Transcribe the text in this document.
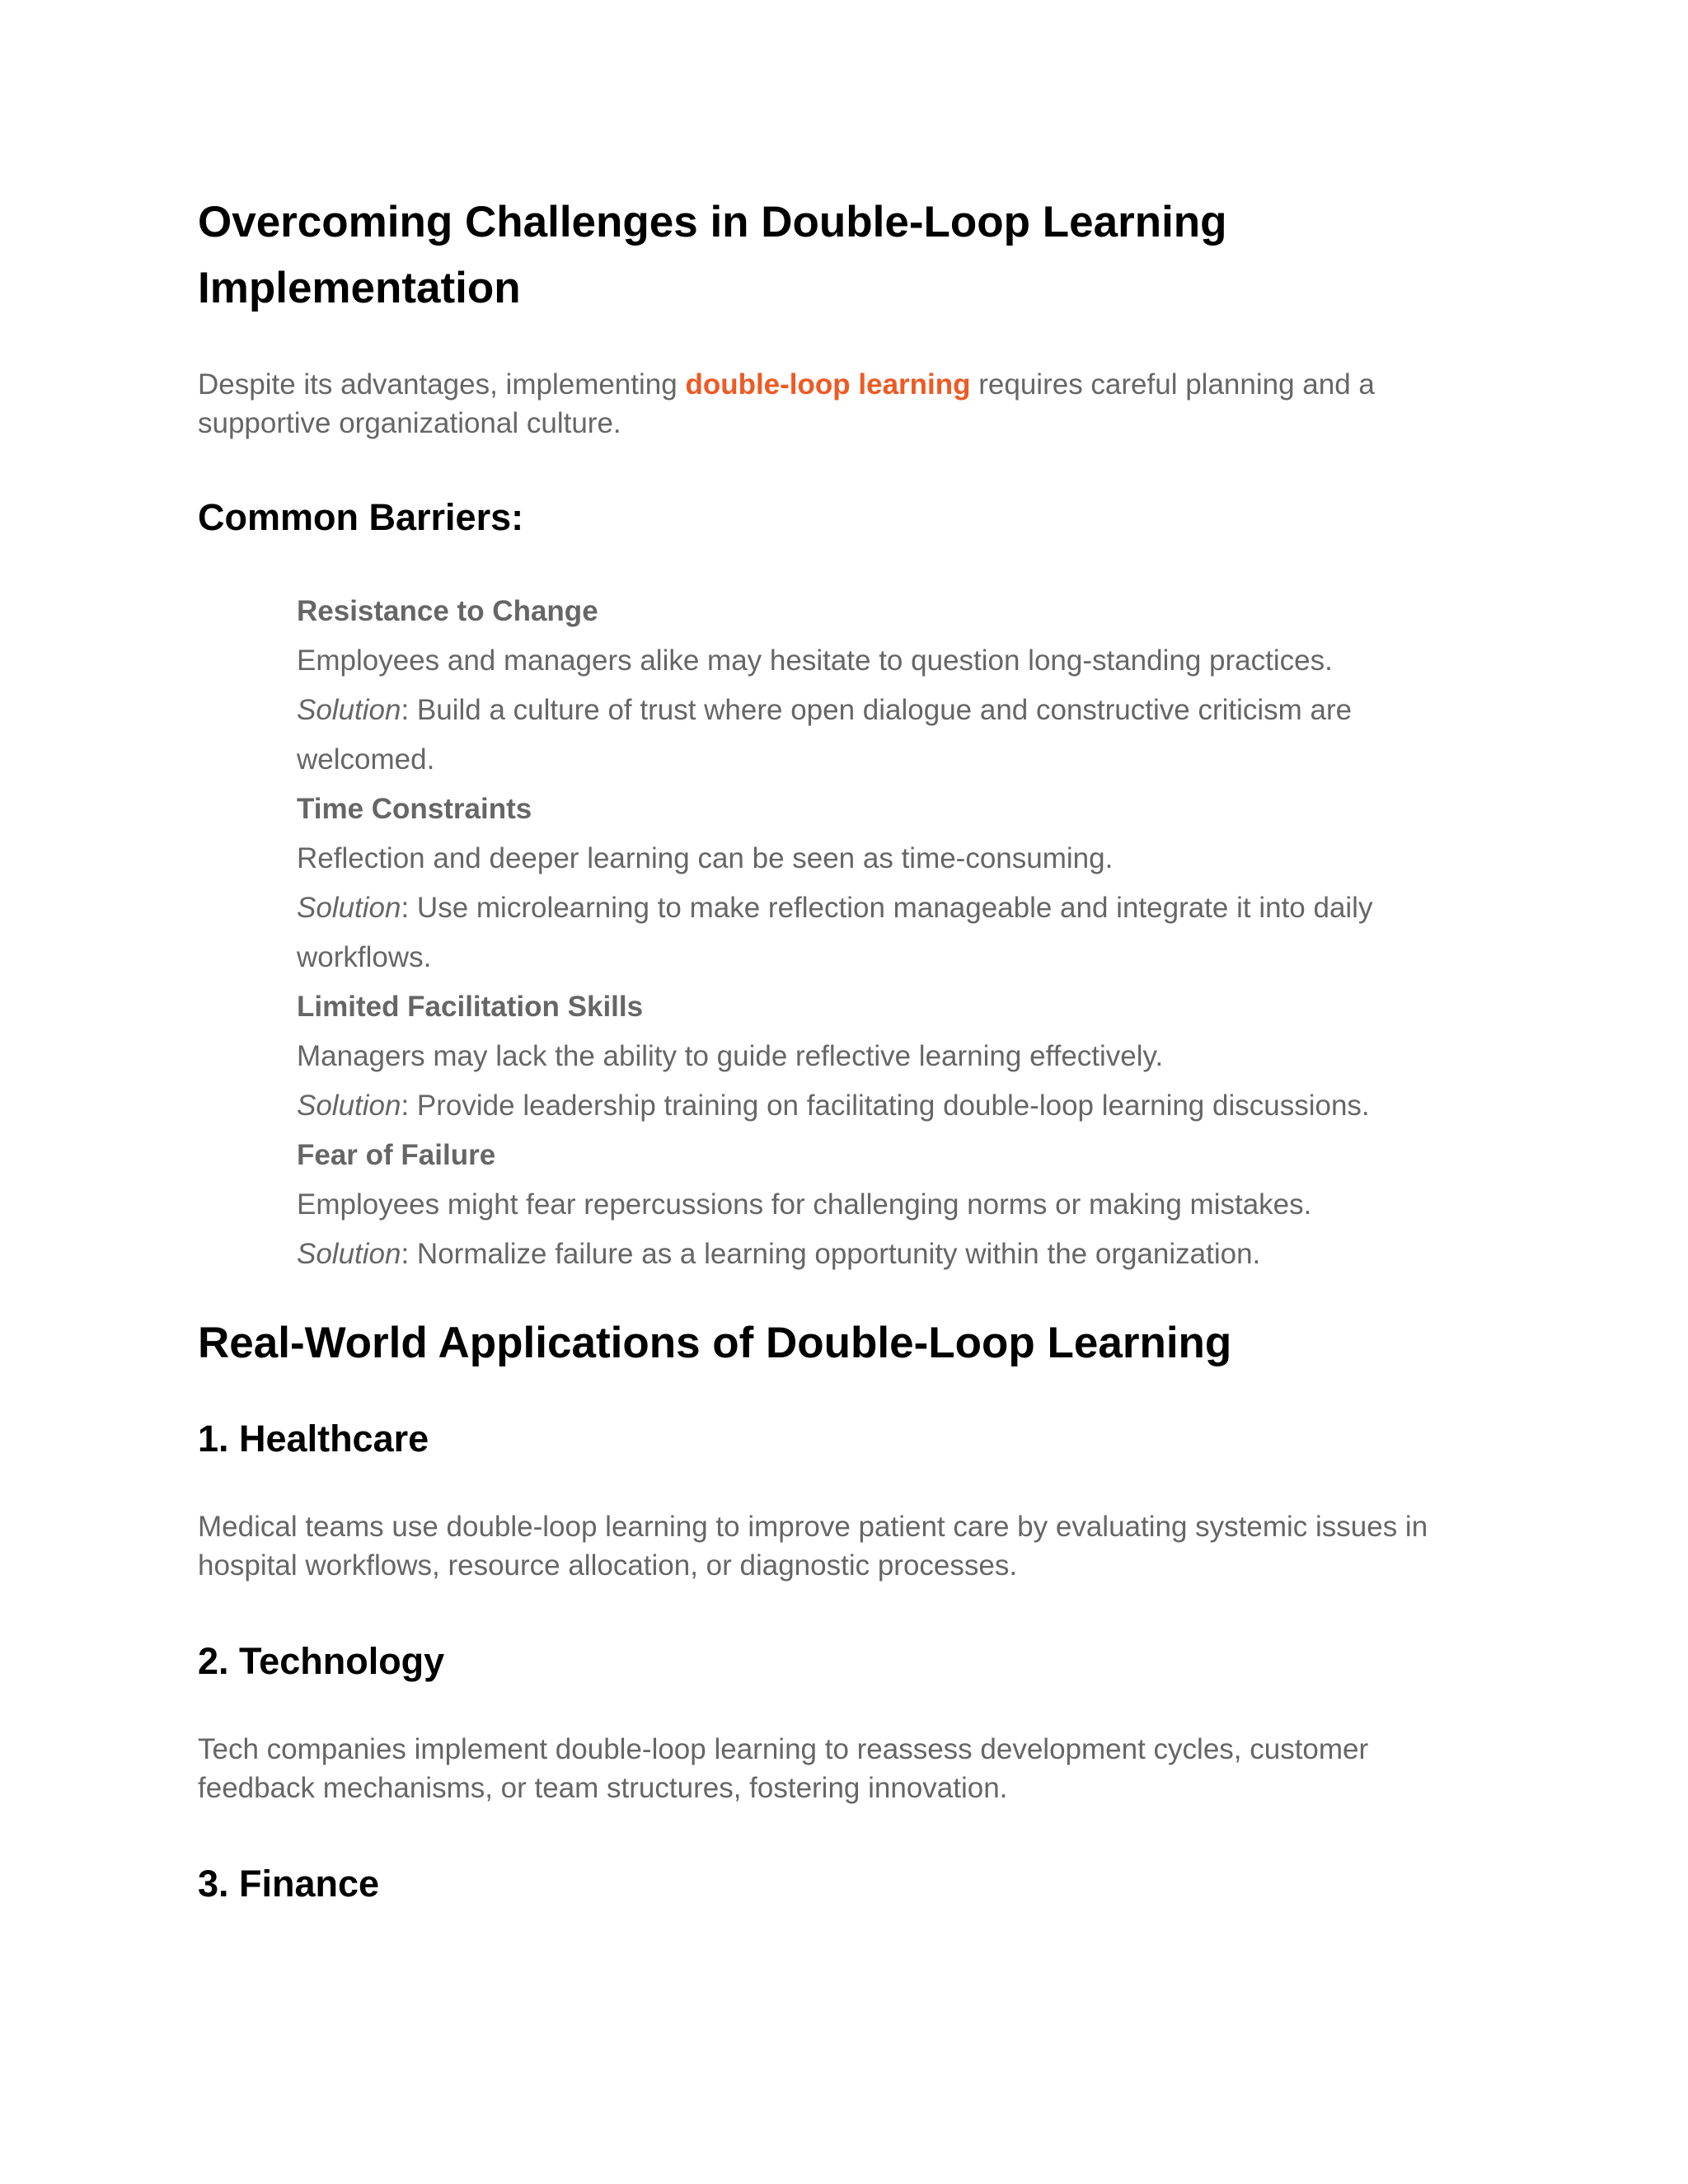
Overcoming Challenges in Double-Loop Learning Implementation

Despite its advantages, implementing double-loop learning requires careful planning and a supportive organizational culture.

Common Barriers:
Resistance to Change
Employees and managers alike may hesitate to question long-standing practices.
Solution: Build a culture of trust where open dialogue and constructive criticism are welcomed.
Time Constraints
Reflection and deeper learning can be seen as time-consuming.
Solution: Use microlearning to make reflection manageable and integrate it into daily workflows.
Limited Facilitation Skills
Managers may lack the ability to guide reflective learning effectively.
Solution: Provide leadership training on facilitating double-loop learning discussions.
Fear of Failure
Employees might fear repercussions for challenging norms or making mistakes.
Solution: Normalize failure as a learning opportunity within the organization.
Real-World Applications of Double-Loop Learning
1. Healthcare

Medical teams use double-loop learning to improve patient care by evaluating systemic issues in hospital workflows, resource allocation, or diagnostic processes.

2. Technology

Tech companies implement double-loop learning to reassess development cycles, customer feedback mechanisms, or team structures, fostering innovation.

3. Finance
